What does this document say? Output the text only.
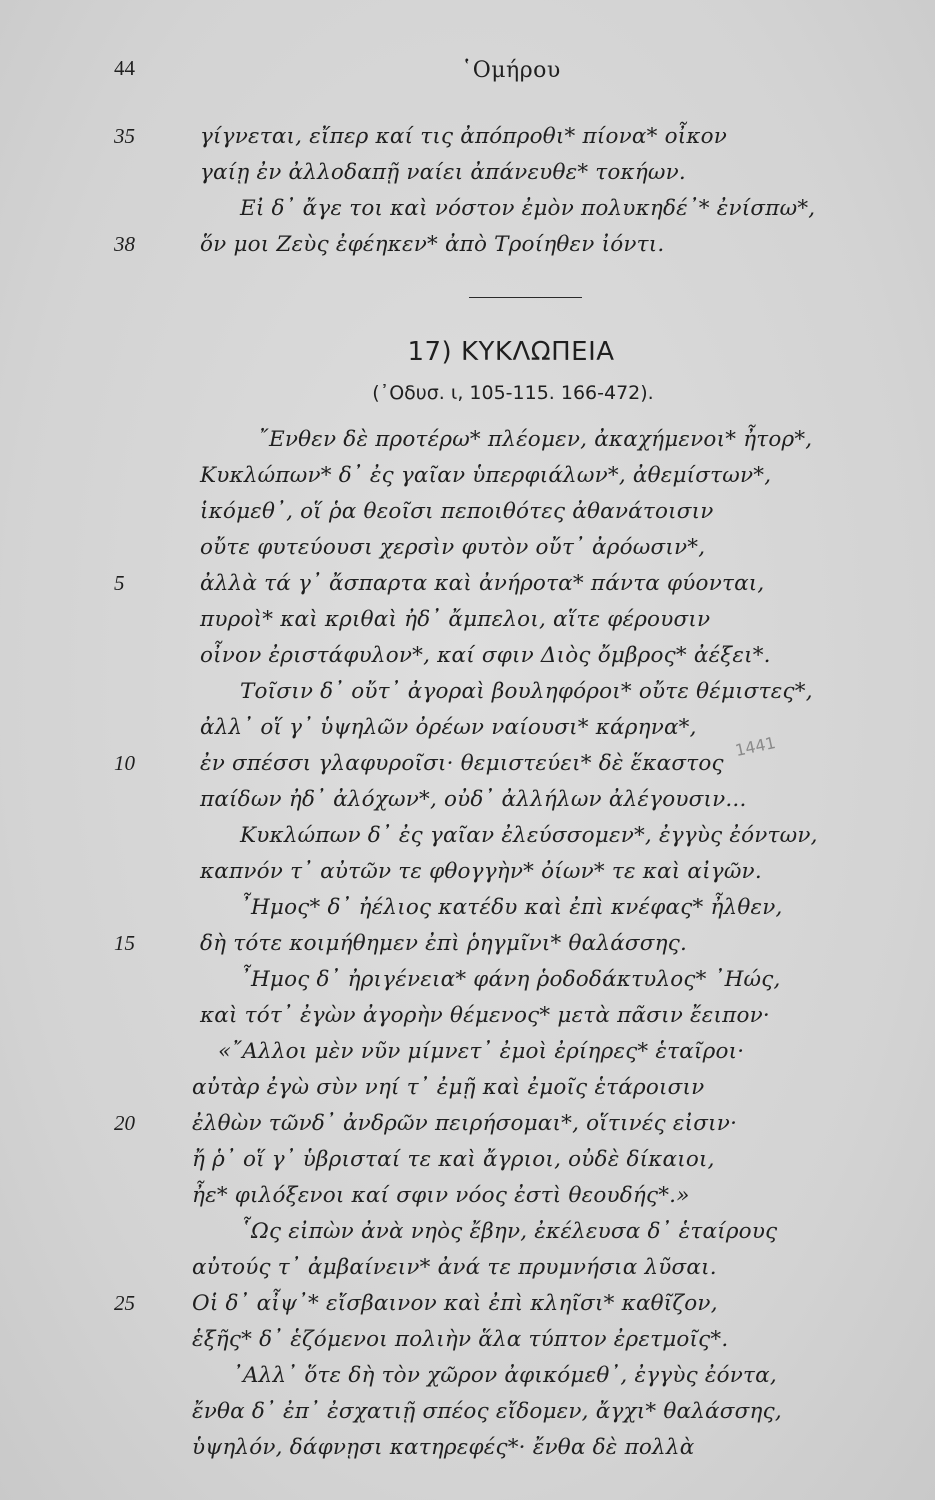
44	῾Ομήρου
35	γίγνεται, εἴπερ καί τις ἀπόπροθι* πίονα* οἶκον
γαίῃ ἐν ἀλλοδαπῇ ναίει ἀπάνευθε* τοκήων.
Εἰ δ᾽ ἄγε τοι καὶ νόστον ἐμὸν πολυκηδέ᾽* ἐνίσπω*,
38	ὅν μοι Ζεὺς ἐφέηκεν* ἀπὸ Τροίηθεν ἰόντι.
17) ΚΥΚΛΩΠΕΙΑ
(᾽Οδυσ. ι, 105-115. 166-472).
῎Ενθεν δὲ προτέρω* πλέομεν, ἀκαχήμενοι* ἦτορ*,
Κυκλώπων* δ᾽ ἐς γαῖαν ὑπερφιάλων*, ἀθεμίστων*,
ἱκόμεθ᾽, οἵ ῥα θεοῖσι πεποιθότες ἀθανάτοισιν
οὔτε φυτεύουσι χερσὶν φυτὸν οὔτ᾽ ἀρόωσιν*,
5	ἀλλὰ τά γ᾽ ἄσπαρτα καὶ ἀνήροτα* πάντα φύονται,
πυροὶ* καὶ κριθαὶ ἠδ᾽ ἄμπελοι, αἵτε φέρουσιν
οἶνον ἐριστάφυλον*, καί σφιν Διὸς ὄμβρος* ἀέξει*.
Τοῖσιν δ᾽ οὔτ᾽ ἀγοραὶ βουληφόροι* οὔτε θέμιστες*,
ἀλλ᾽ οἵ γ᾽ ὑψηλῶν ὀρέων ναίουσι* κάρηνα*,
10	ἐν σπέσσι γλαφυροῖσι· θεμιστεύει* δὲ ἕκαστος
παίδων ἠδ᾽ ἀλόχων*, οὐδ᾽ ἀλλήλων ἀλέγουσιν...
Κυκλώπων δ᾽ ἐς γαῖαν ἐλεύσσομεν*, ἐγγὺς ἐόντων,
καπνόν τ᾽ αὐτῶν τε φθογγὴν* ὀίων* τε καὶ αἰγῶν.
῏Ημος* δ᾽ ἠέλιος κατέδυ καὶ ἐπὶ κνέφας* ἦλθεν,
15	δὴ τότε κοιμήθημεν ἐπὶ ῥηγμῖνι* θαλάσσης.
῏Ημος δ᾽ ἠριγένεια* φάνη ῥοδοδάκτυλος* ᾽Ηώς,
καὶ τότ᾽ ἐγὼν ἀγορὴν θέμενος* μετὰ πᾶσιν ἔειπον·
«῎Αλλοι μὲν νῦν μίμνετ᾽ ἐμοὶ ἐρίηρες* ἑταῖροι·
αὐτὰρ ἐγὼ σὺν νηί τ᾽ ἐμῇ καὶ ἐμοῖς ἑτάροισιν
20	ἐλθὼν τῶνδ᾽ ἀνδρῶν πειρήσομαι*, οἵτινές εἰσιν·
ἤ ῥ᾽ οἵ γ᾽ ὑβρισταί τε καὶ ἄγριοι, οὐδὲ δίκαιοι,
ἦε* φιλόξενοι καί σφιν νόος ἐστὶ θεουδής*.»
῟Ως εἰπὼν ἀνὰ νηὸς ἔβην, ἐκέλευσα δ᾽ ἑταίρους
αὐτούς τ᾽ ἀμβαίνειν* ἀνά τε πρυμνήσια λῦσαι.
25	Οἱ δ᾽ αἶψ᾽* εἴσβαινον καὶ ἐπὶ κληῖσι* καθῖζον,
ἑξῆς* δ᾽ ἑζόμενοι πολιὴν ἅλα τύπτον ἐρετμοῖς*.
᾽Αλλ᾽ ὅτε δὴ τὸν χῶρον ἀφικόμεθ᾽, ἐγγὺς ἐόντα,
ἔνθα δ᾽ ἐπ᾽ ἐσχατιῇ σπέος εἴδομεν, ἄγχι* θαλάσσης,
ὑψηλόν, δάφνῃσι κατηρεφές*· ἔνθα δὲ πολλὰ
1441
